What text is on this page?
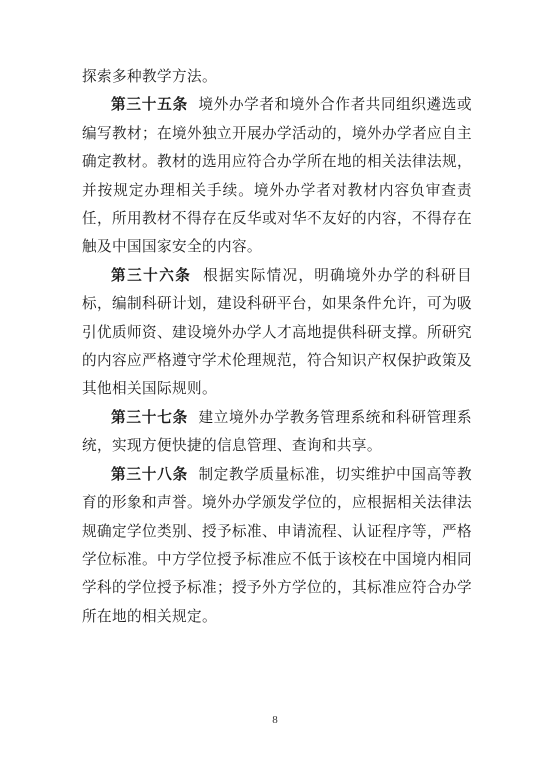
探索多种教学方法。

第三十五条 境外办学者和境外合作者共同组织遴选或编写教材；在境外独立开展办学活动的，境外办学者应自主确定教材。教材的选用应符合办学所在地的相关法律法规，并按规定办理相关手续。境外办学者对教材内容负审查责任，所用教材不得存在反华或对华不友好的内容，不得存在触及中国国家安全的内容。

第三十六条 根据实际情况，明确境外办学的科研目标，编制科研计划，建设科研平台，如果条件允许，可为吸引优质师资、建设境外办学人才高地提供科研支撑。所研究的内容应严格遵守学术伦理规范，符合知识产权保护政策及其他相关国际规则。

第三十七条 建立境外办学教务管理系统和科研管理系统，实现方便快捷的信息管理、查询和共享。

第三十八条 制定教学质量标准，切实维护中国高等教育的形象和声誉。境外办学颁发学位的，应根据相关法律法规确定学位类别、授予标准、申请流程、认证程序等，严格学位标准。中方学位授予标准应不低于该校在中国境内相同学科的学位授予标准；授予外方学位的，其标准应符合办学所在地的相关规定。

8
